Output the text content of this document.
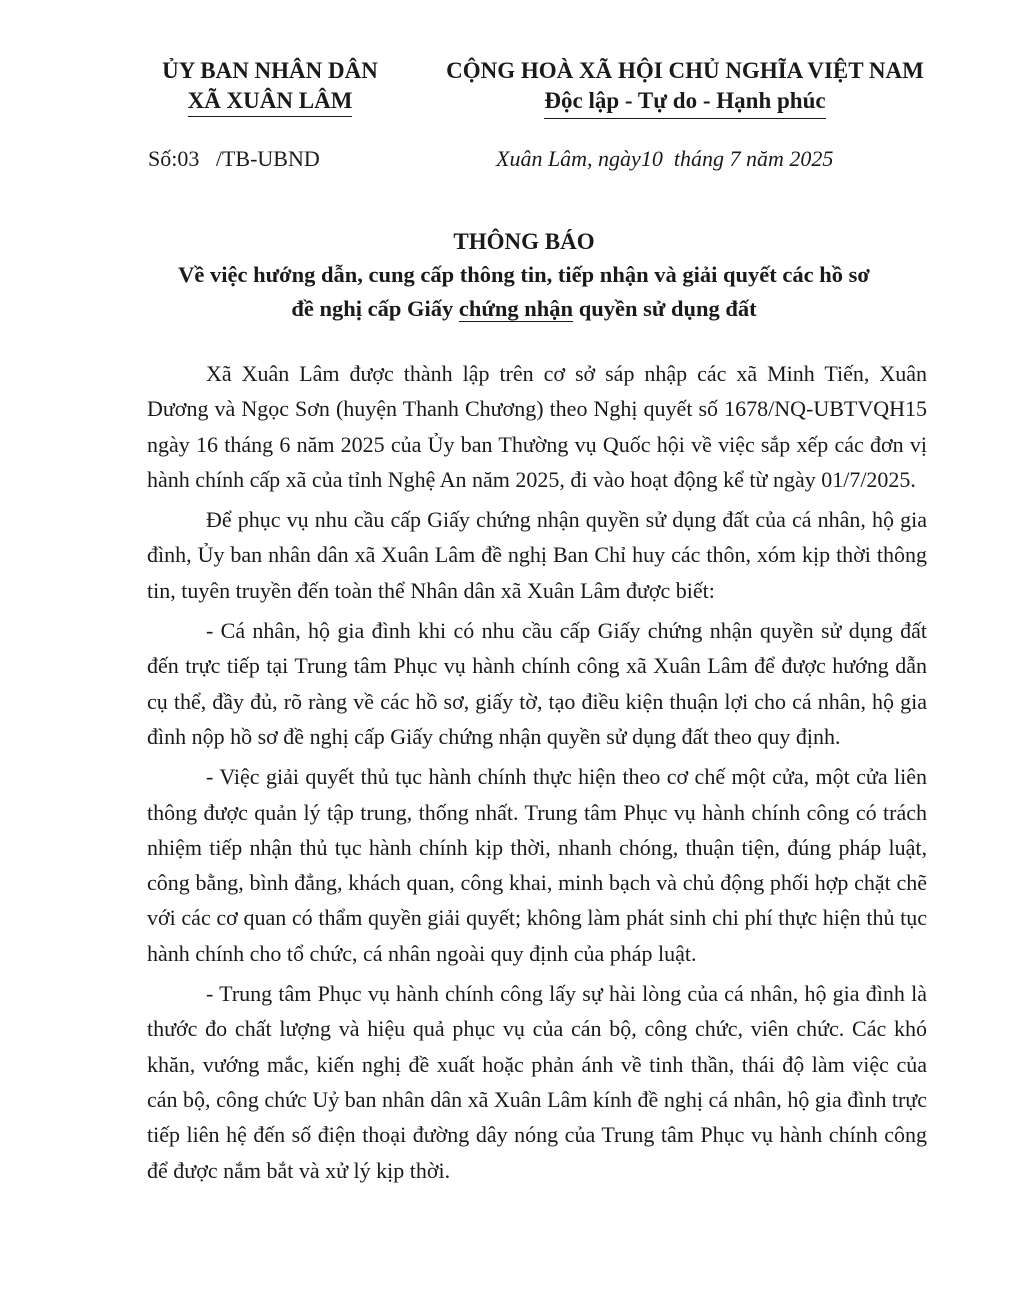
ỦY BAN NHÂN DÂN
XÃ XUÂN LÂM
CỘNG HOÀ XÃ HỘI CHỦ NGHĨA VIỆT NAM
Độc lập - Tự do - Hạnh phúc
Số:03   /TB-UBND	Xuân Lâm, ngày10  tháng 7 năm 2025
THÔNG BÁO
Về việc hướng dẫn, cung cấp thông tin, tiếp nhận và giải quyết các hồ sơ
đề nghị cấp Giấy chứng nhận quyền sử dụng đất

Xã Xuân Lâm được thành lập trên cơ sở sáp nhập các xã Minh Tiến, Xuân Dương và Ngọc Sơn (huyện Thanh Chương) theo Nghị quyết số 1678/NQ-UBTVQH15 ngày 16 tháng 6 năm 2025 của Ủy ban Thường vụ Quốc hội về việc sắp xếp các đơn vị hành chính cấp xã của tỉnh Nghệ An năm 2025, đi vào hoạt động kể từ ngày 01/7/2025.

Để phục vụ nhu cầu cấp Giấy chứng nhận quyền sử dụng đất của cá nhân, hộ gia đình, Ủy ban nhân dân xã Xuân Lâm đề nghị Ban Chỉ huy các thôn, xóm kịp thời thông tin, tuyên truyền đến toàn thể Nhân dân xã Xuân Lâm được biết:

- Cá nhân, hộ gia đình khi có nhu cầu cấp Giấy chứng nhận quyền sử dụng đất đến trực tiếp tại Trung tâm Phục vụ hành chính công xã Xuân Lâm để được hướng dẫn cụ thể, đầy đủ, rõ ràng về các hồ sơ, giấy tờ, tạo điều kiện thuận lợi cho cá nhân, hộ gia đình nộp hồ sơ đề nghị cấp Giấy chứng nhận quyền sử dụng đất theo quy định.

- Việc giải quyết thủ tục hành chính thực hiện theo cơ chế một cửa, một cửa liên thông được quản lý tập trung, thống nhất. Trung tâm Phục vụ hành chính công có trách nhiệm tiếp nhận thủ tục hành chính kịp thời, nhanh chóng, thuận tiện, đúng pháp luật, công bằng, bình đẳng, khách quan, công khai, minh bạch và chủ động phối hợp chặt chẽ với các cơ quan có thẩm quyền giải quyết; không làm phát sinh chi phí thực hiện thủ tục hành chính cho tổ chức, cá nhân ngoài quy định của pháp luật.

- Trung tâm Phục vụ hành chính công lấy sự hài lòng của cá nhân, hộ gia đình là thước đo chất lượng và hiệu quả phục vụ của cán bộ, công chức, viên chức. Các khó khăn, vướng mắc, kiến nghị đề xuất hoặc phản ánh về tinh thần, thái độ làm việc của cán bộ, công chức Uỷ ban nhân dân xã Xuân Lâm kính đề nghị cá nhân, hộ gia đình trực tiếp liên hệ đến số điện thoại đường dây nóng của Trung tâm Phục vụ hành chính công để được nắm bắt và xử lý kịp thời.
